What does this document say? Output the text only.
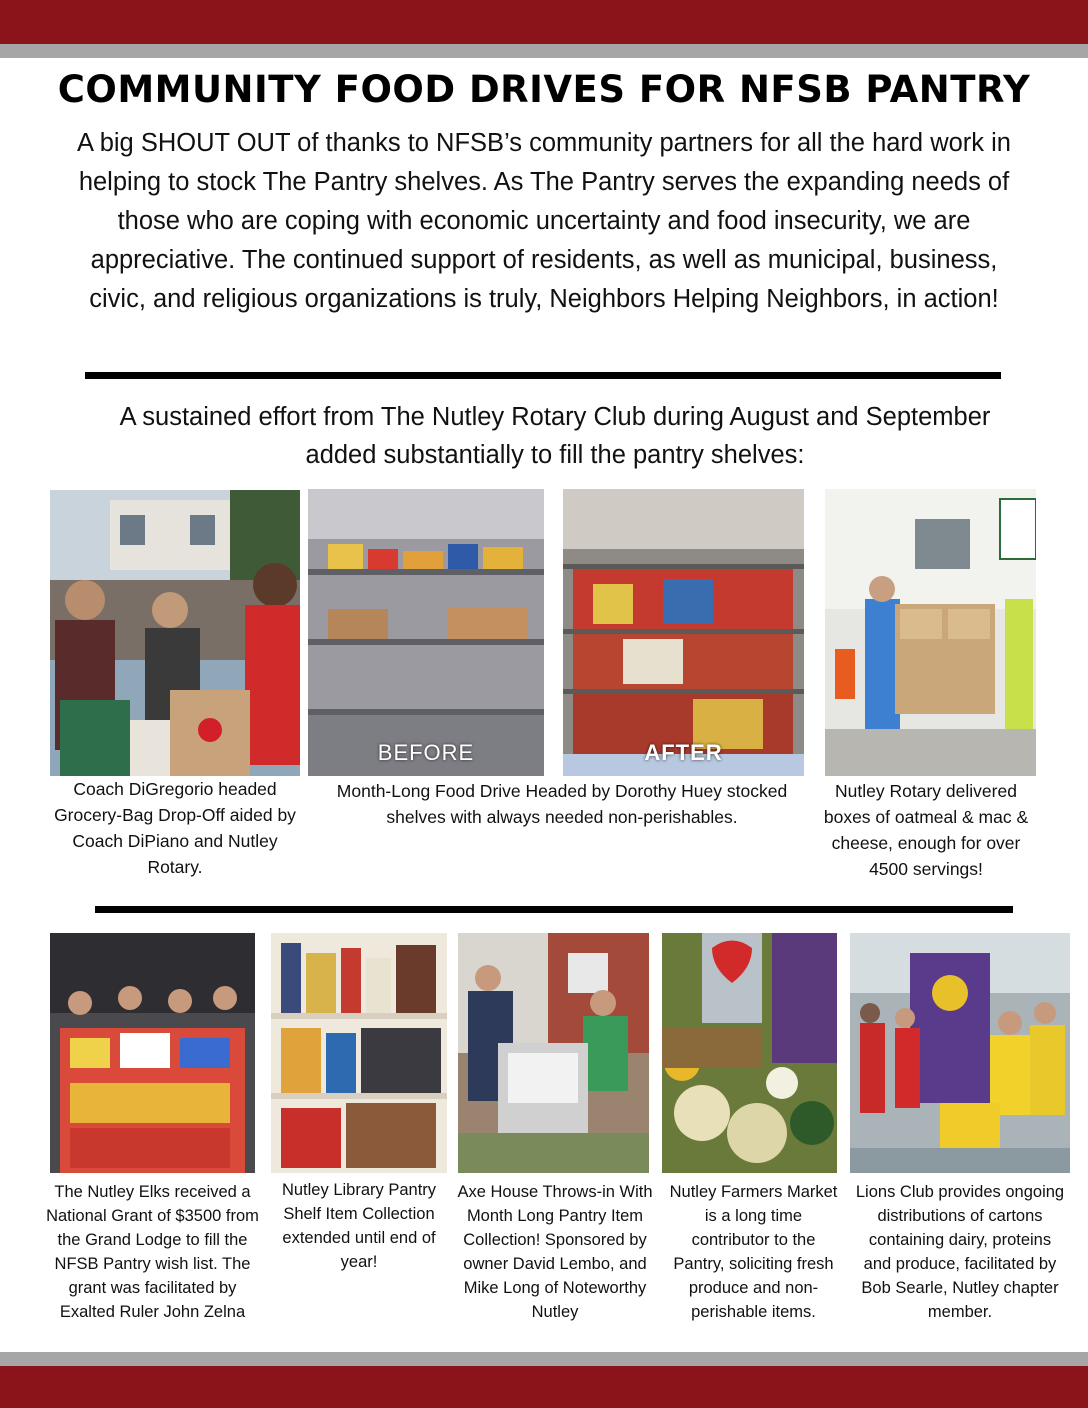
COMMUNITY FOOD DRIVES FOR NFSB PANTRY

A big SHOUT OUT of thanks to NFSB’s community partners for all the hard work in helping to stock The Pantry shelves. As The Pantry serves the expanding needs of those who are coping with economic uncertainty and food insecurity, we are appreciative. The continued support of residents, as well as municipal, business, civic, and religious organizations is truly, Neighbors Helping Neighbors, in action!

A sustained effort from The Nutley Rotary Club during August and September added substantially to fill the pantry shelves:

BEFORE	AFTER

Coach DiGregorio headed Grocery-Bag Drop-Off aided by Coach DiPiano and Nutley Rotary.

Month-Long Food Drive Headed by Dorothy Huey stocked shelves with always needed non-perishables.

Nutley Rotary delivered boxes of oatmeal & mac & cheese, enough for over 4500 servings!

The Nutley Elks received a National Grant of $3500 from the Grand Lodge to fill the NFSB Pantry wish list. The grant was facilitated by Exalted Ruler John Zelna

Nutley Library Pantry Shelf Item Collection extended until end of year!

Axe House Throws-in With Month Long Pantry Item Collection! Sponsored by owner David Lembo, and Mike Long of Noteworthy Nutley

Nutley Farmers Market is a long time contributor to the Pantry, soliciting fresh produce and non-perishable items.

Lions Club provides ongoing distributions of cartons containing dairy, proteins and produce, facilitated by Bob Searle, Nutley chapter member.
